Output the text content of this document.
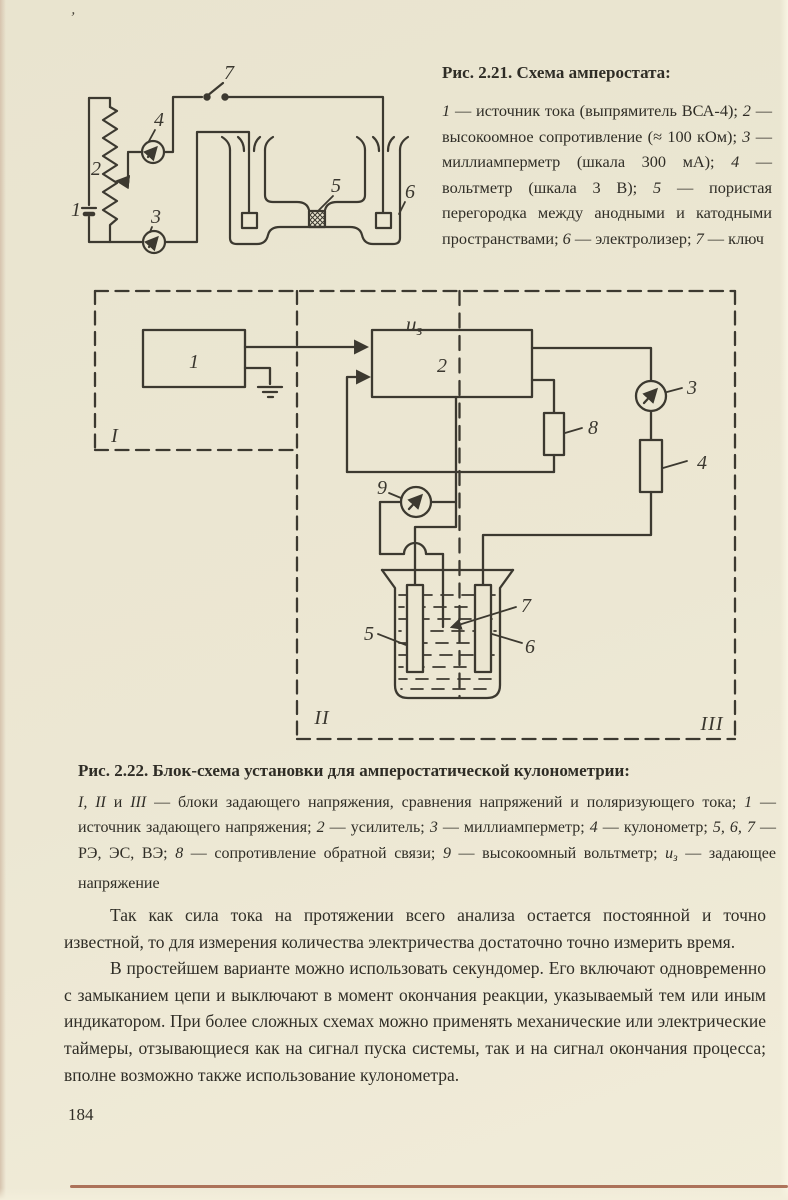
’
1
2
3
4
5	6
7	Рис. 2.21. Схема амперостата:
1 — источник тока (выпрямитель ВСА-4); 2 — высокоомное сопротивление (≈ 100 кОм); 3 — миллиамперметр (шкала 300 мА); 4 — вольтметр (шкала 3 В); 5 — пористая перегородка между анодными и катодными пространствами; 6 — электролизер; 7 — ключ
1	2
3
4
8
9
5
6
7
I
II	III
$u_з$
Рис. 2.22. Блок-схема установки для амперостатической кулонометрии:
I, II и III — блоки задающего напряжения, сравнения напряжений и поляризующего тока; 1 — источник задающего напряжения; 2 — усилитель; 3 — миллиамперметр; 4 — кулонометр; 5, 6, 7 — РЭ, ЭС, ВЭ; 8 — сопротивление обратной связи; 9 — высокоомный вольтметр; $u_з$ — задающее напряжение

Так как сила тока на протяжении всего анализа остается постоянной и точно известной, то для измерения количества электричества достаточно точно измерить время.

В простейшем варианте можно использовать секундомер. Его включают одновременно с замыканием цепи и выключают в момент окончания реакции, указываемый тем или иным индикатором. При более сложных схемах можно применять механические или электрические таймеры, отзывающиеся как на сигнал пуска системы, так и на сигнал окончания процесса; вполне возможно также использование кулонометра.

184
